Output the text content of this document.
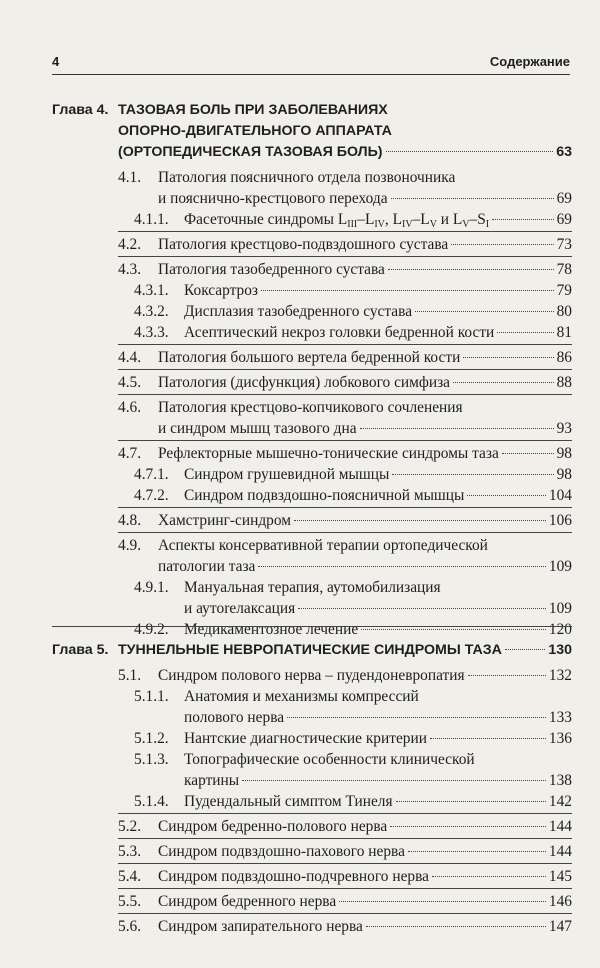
4	Содержание
Глава 4. ТАЗОВАЯ БОЛЬ ПРИ ЗАБОЛЕВАНИЯХ
ОПОРНО-ДВИГАТЕЛЬНОГО АППАРАТА
(ОРТОПЕДИЧЕСКАЯ ТАЗОВАЯ БОЛЬ)	63
4.1.	Патология поясничного отдела позвоночника
и пояснично-крестцового перехода	69
4.1.1. Фасеточные синдромы $L_{III}-L_{IV}$, $L_{IV}-L_V$ и $L_V-S_I$	69
4.2.	Патология крестцово-подвздошного сустава	73
4.3.	Патология тазобедренного сустава	78
4.3.1. Коксартроз	79
4.3.2. Дисплазия тазобедренного сустава	80
4.3.3. Асептический некроз головки бедренной кости	81
4.4.	Патология большого вертела бедренной кости	86
4.5.	Патология (дисфункция) лобкового симфиза	88
4.6.	Патология крестцово-копчикового сочленения
и синдром мышц тазового дна	93
4.7.	Рефлекторные мышечно-тонические синдромы таза	98
4.7.1. Синдром грушевидной мышцы	98
4.7.2. Синдром подвздошно-поясничной мышцы	104
4.8.	Хамстринг-синдром	106
4.9.	Аспекты консервативной терапии ортопедической
патологии таза	109
4.9.1. Мануальная терапия, аутомобилизация
и аутorелаксация	109
4.9.2. Медикаментозное лечение	120
Глава 5. ТУННЕЛЬНЫЕ НЕВРОПАТИЧЕСКИЕ СИНДРОМЫ ТАЗА	130
5.1.	Синдром полового нерва – пудендоневропатия	132
5.1.1. Анатомия и механизмы компрессий
полового нерва	133
5.1.2. Нантские диагностические критерии	136
5.1.3. Топографические особенности клинической
картины	138
5.1.4. Пудендальный симптом Тинеля	142
5.2.	Синдром бедренно-полового нерва	144
5.3.	Синдром подвздошно-пахового нерва	144
5.4.	Синдром подвздошно-подчревного нерва	145
5.5.	Синдром бедренного нерва	146
5.6.	Синдром запирательного нерва	147
